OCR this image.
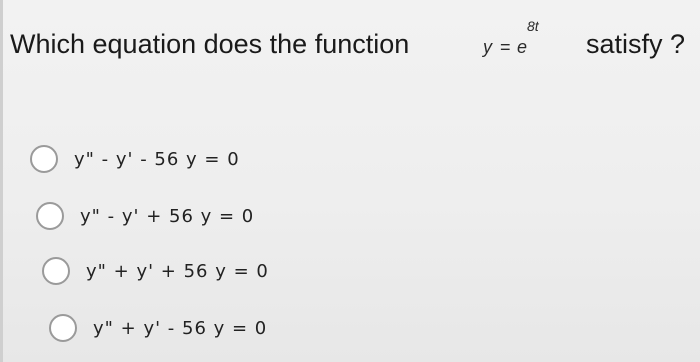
Which equation does the function	y = e
8t
satisfy ?
y" - y' - 56 y = 0
y" - y' + 56 y = 0
y" + y' + 56 y = 0
y" + y' - 56 y = 0
